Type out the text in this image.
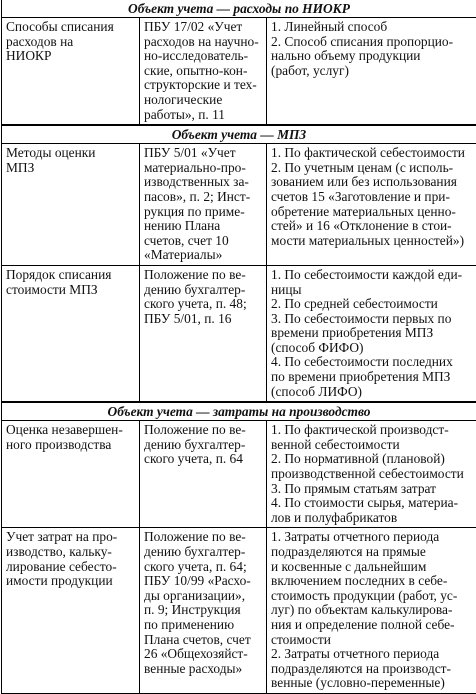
Объект учета — расходы по НИОКР
Способы списания
расходов на
НИОКР
ПБУ 17/02 «Учет
расходов на научно-
но-исследователь-
ские, опытно-кон-
структорские и тех-
нологические
работы», п. 11
1. Линейный способ
2. Способ списания пропорцио-
нально объему продукции
(работ, услуг)
Объект учета — МПЗ
Методы оценки
МПЗ
ПБУ 5/01 «Учет
материально-про-
изводственных за-
пасов», п. 2; Инст-
рукция по приме-
нению Плана
счетов, счет 10
«Материалы»
1. По фактической себестоимости
2. По учетным ценам (с исполь-
зованием или без использования
счетов 15 «Заготовление и при-
обретение материальных ценно-
стей» и 16 «Отклонение в стои-
мости материальных ценностей»)
Порядок списания
стоимости МПЗ
Положение по ве-
дению бухгалтер-
ского учета, п. 48;
ПБУ 5/01, п. 16
1. По себестоимости каждой еди-
ницы
2. По средней себестоимости
3. По себестоимости первых по
времени приобретения МПЗ
(способ ФИФО)
4. По себестоимости последних
по времени приобретения МПЗ
(способ ЛИФО)
Объект учета — затраты на производство
Оценка незавершен-
ного производства
Положение по ве-
дению бухгалтер-
ского учета, п. 64
1. По фактической производст-
венной себестоимости
2. По нормативной (плановой)
производственной себестоимости
3. По прямым статьям затрат
4. По стоимости сырья, материа-
лов и полуфабрикатов
Учет затрат на про-
изводство, кальку-
лирование себесто-
имости продукции
Положение по ве-
дению бухгалтер-
ского учета, п. 64;
ПБУ 10/99 «Расхо-
ды организации»,
п. 9; Инструкция
по применению
Плана счетов, счет
26 «Общехозяйст-
венные расходы»
1. Затраты отчетного периода
подразделяются на прямые
и косвенные с дальнейшим
включением последних в себе-
стоимость продукции (работ, ус-
луг) по объектам калькулирова-
ния и определение полной себе-
стоимости
2. Затраты отчетного периода
подразделяются на производст-
венные (условно-переменные)
